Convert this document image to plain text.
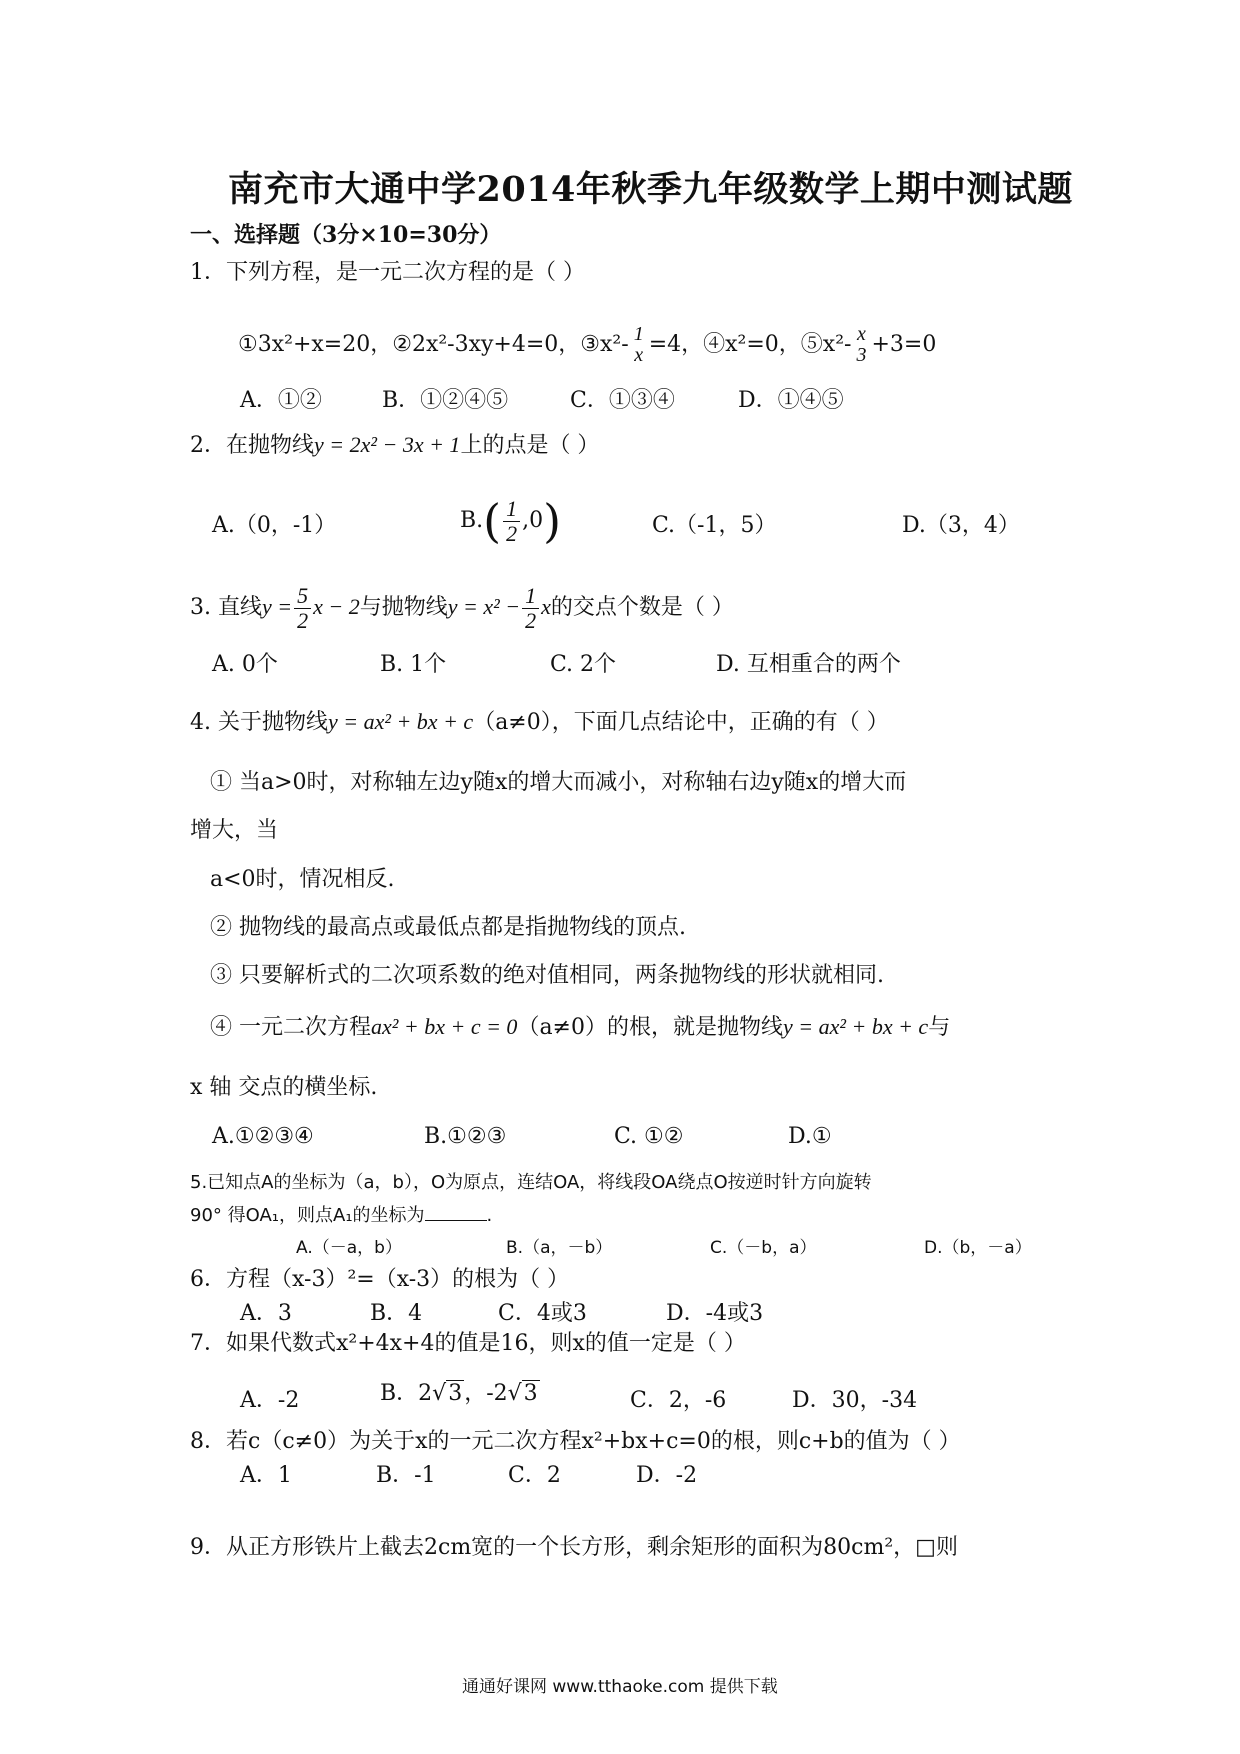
南充市大通中学2014年秋季九年级数学上期中测试题
一、选择题（3分×10=30分）
1．下列方程，是一元二次方程的是（ ）
①3x²+x=20，②2x²-3xy+4=0，③x²- 1
x =4，④x²=0，⑤x²- x
3 +3=0
A．①②	B．①②④⑤	C．①③④	D．①④⑤
2．在抛物线y = 2x² − 3x + 1上的点是（ ）
A.（0，-1）	$B.( \frac{1}{2} ,0)$	C.（-1，5）	D.（3，4）
3. 直线$y = \frac{5}{2}$ x − 2与抛物线$y = x^2 - \frac{1}{2}$ x的交点个数是（ ）
A. 0个	B. 1个	C. 2个	D. 互相重合的两个
4. 关于抛物线y = ax² + bx + c（a≠0），下面几点结论中，正确的有（ ）
① 当a>0时，对称轴左边y随x的增大而减小，对称轴右边y随x的增大而
增大，当
a<0时，情况相反.
② 抛物线的最高点或最低点都是指抛物线的顶点.
③ 只要解析式的二次项系数的绝对值相同，两条抛物线的形状就相同.
④ 一元二次方程ax² + bx + c = 0（a≠0）的根，就是抛物线y = ax² + bx + c与
x 轴 交点的横坐标.
A.①②③④	B.①②③	C. ①②	D.①
5.已知点A的坐标为（a，b），O为原点，连结OA，将线段OA绕点O按逆时针方向旋转
90° 得OA₁，则点A₁的坐标为	.
A.（－a，b）	B.（a，－b）	C.（－b，a）	D.（b，－a）
6．方程（x-3）²=（x-3）的根为（ ）
A．3	B．4	C．4或3	D．-4或3
7．如果代数式x²+4x+4的值是16，则x的值一定是（ ）
A．-2	B．2√3，-2√3	C．2，-6	D．30，-34
8．若c（c≠0）为关于x的一元二次方程x²+bx+c=0的根，则c+b的值为（ ）
A．1	B．-1	C．2	D．-2
9．从正方形铁片上截去2cm宽的一个长方形，剩余矩形的面积为80cm²，□则
通通好课网 www.tthaoke.com 提供下载
